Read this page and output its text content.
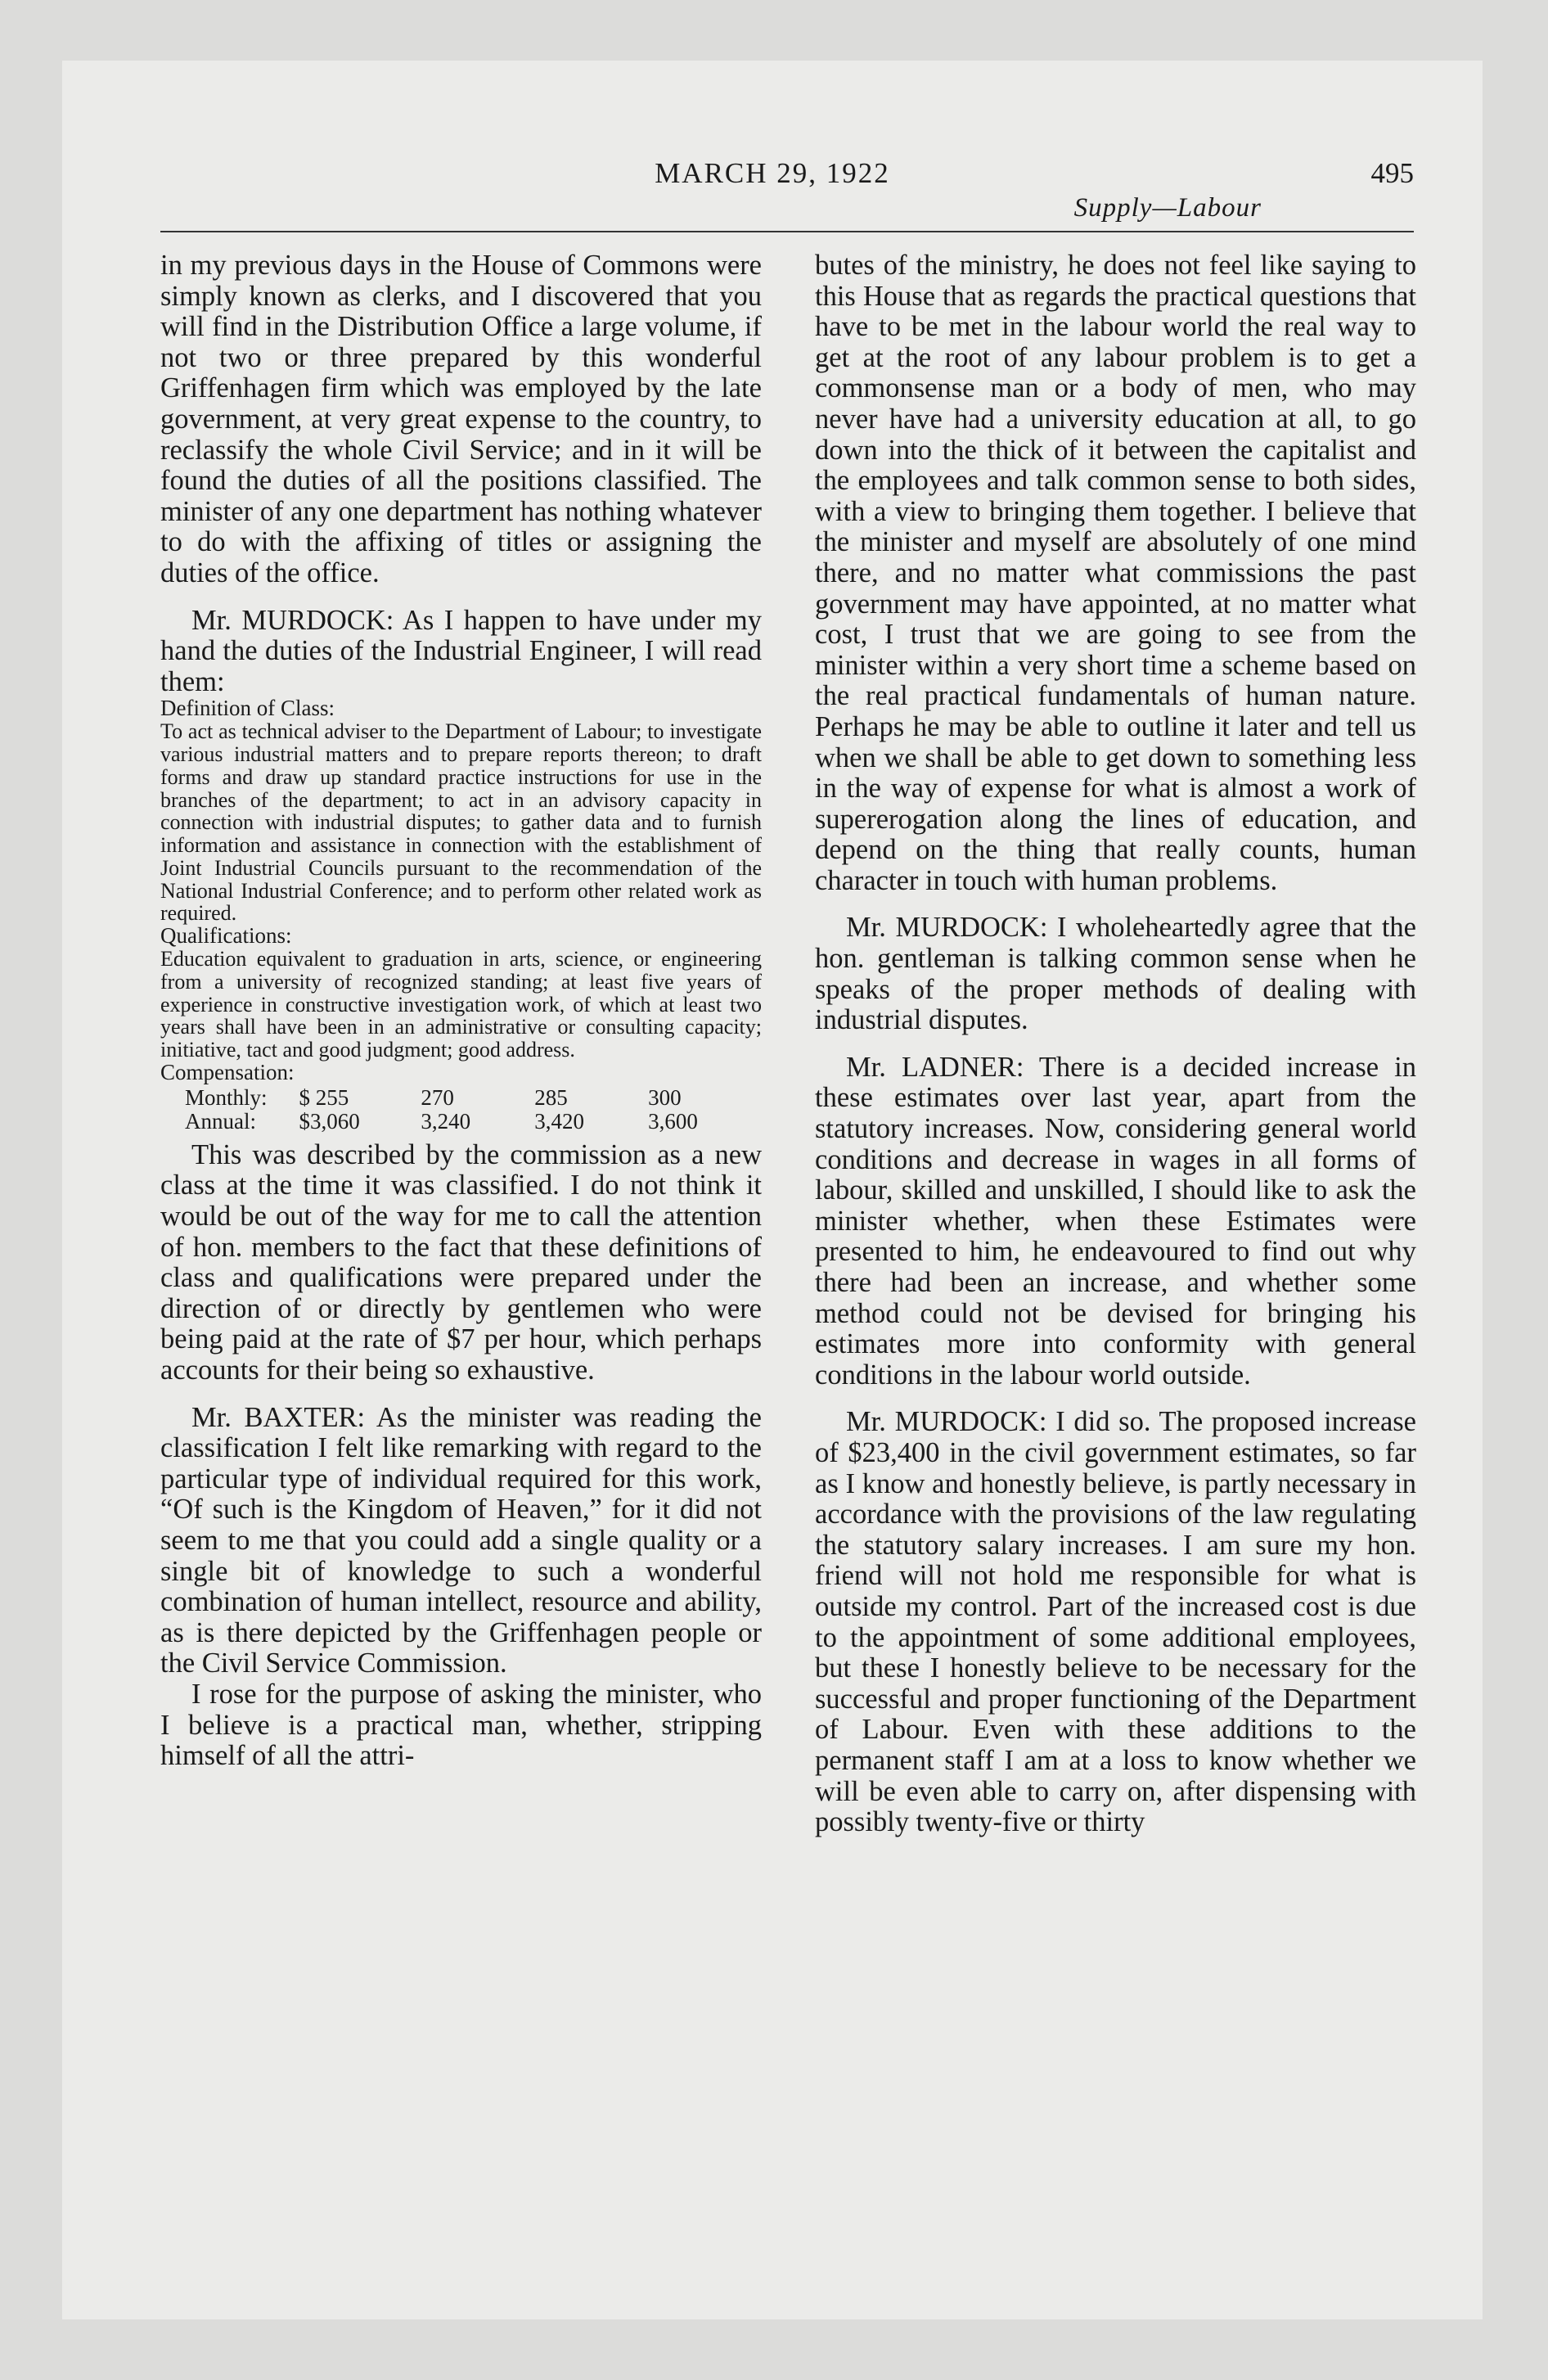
MARCH 29, 1922	495
Supply—Labour

in my previous days in the House of Commons were simply known as clerks, and I discovered that you will find in the Distribution Office a large volume, if not two or three prepared by this wonderful Griffenhagen firm which was employed by the late government, at very great expense to the country, to reclassify the whole Civil Service; and in it will be found the duties of all the positions classified. The minister of any one department has nothing whatever to do with the affixing of titles or assigning the duties of the office.

Mr. MURDOCK: As I happen to have under my hand the duties of the Industrial Engineer, I will read them:

Definition of Class:

To act as technical adviser to the Department of Labour; to investigate various industrial matters and to prepare reports thereon; to draft forms and draw up standard practice instructions for use in the branches of the department; to act in an advisory capacity in connection with industrial disputes; to gather data and to furnish information and assistance in connection with the establishment of Joint Industrial Councils pursuant to the recommendation of the National Industrial Conference; and to perform other related work as required.

Qualifications:

Education equivalent to graduation in arts, science, or engineering from a university of recognized standing; at least five years of experience in constructive investigation work, of which at least two years shall have been in an administrative or consulting capacity; initiative, tact and good judgment; good address.

Compensation:

Monthly:	$ 255	270	285	300
Annual:	$3,060	3,240	3,420	3,600

This was described by the commission as a new class at the time it was classified. I do not think it would be out of the way for me to call the attention of hon. members to the fact that these definitions of class and qualifications were prepared under the direction of or directly by gentlemen who were being paid at the rate of $7 per hour, which perhaps accounts for their being so exhaustive.

Mr. BAXTER: As the minister was reading the classification I felt like remarking with regard to the particular type of individual required for this work, “Of such is the Kingdom of Heaven,” for it did not seem to me that you could add a single quality or a single bit of knowledge to such a wonderful combination of human intellect, resource and ability, as is there depicted by the Griffenhagen people or the Civil Service Commission.

I rose for the purpose of asking the minister, who I believe is a practical man, whether, stripping himself of all the attri-

butes of the ministry, he does not feel like saying to this House that as regards the practical questions that have to be met in the labour world the real way to get at the root of any labour problem is to get a commonsense man or a body of men, who may never have had a university education at all, to go down into the thick of it between the capitalist and the employees and talk common sense to both sides, with a view to bringing them together. I believe that the minister and myself are absolutely of one mind there, and no matter what commissions the past government may have appointed, at no matter what cost, I trust that we are going to see from the minister within a very short time a scheme based on the real practical fundamentals of human nature. Perhaps he may be able to outline it later and tell us when we shall be able to get down to something less in the way of expense for what is almost a work of supererogation along the lines of education, and depend on the thing that really counts, human character in touch with human problems.

Mr. MURDOCK: I wholeheartedly agree that the hon. gentleman is talking common sense when he speaks of the proper methods of dealing with industrial disputes.

Mr. LADNER: There is a decided increase in these estimates over last year, apart from the statutory increases. Now, considering general world conditions and decrease in wages in all forms of labour, skilled and unskilled, I should like to ask the minister whether, when these Estimates were presented to him, he endeavoured to find out why there had been an increase, and whether some method could not be devised for bringing his estimates more into conformity with general conditions in the labour world outside.

Mr. MURDOCK: I did so. The proposed increase of $23,400 in the civil government estimates, so far as I know and honestly believe, is partly necessary in accordance with the provisions of the law regulating the statutory salary increases. I am sure my hon. friend will not hold me responsible for what is outside my control. Part of the increased cost is due to the appointment of some additional employees, but these I honestly believe to be necessary for the successful and proper functioning of the Department of Labour. Even with these additions to the permanent staff I am at a loss to know whether we will be even able to carry on, after dispensing with possibly twenty-five or thirty
